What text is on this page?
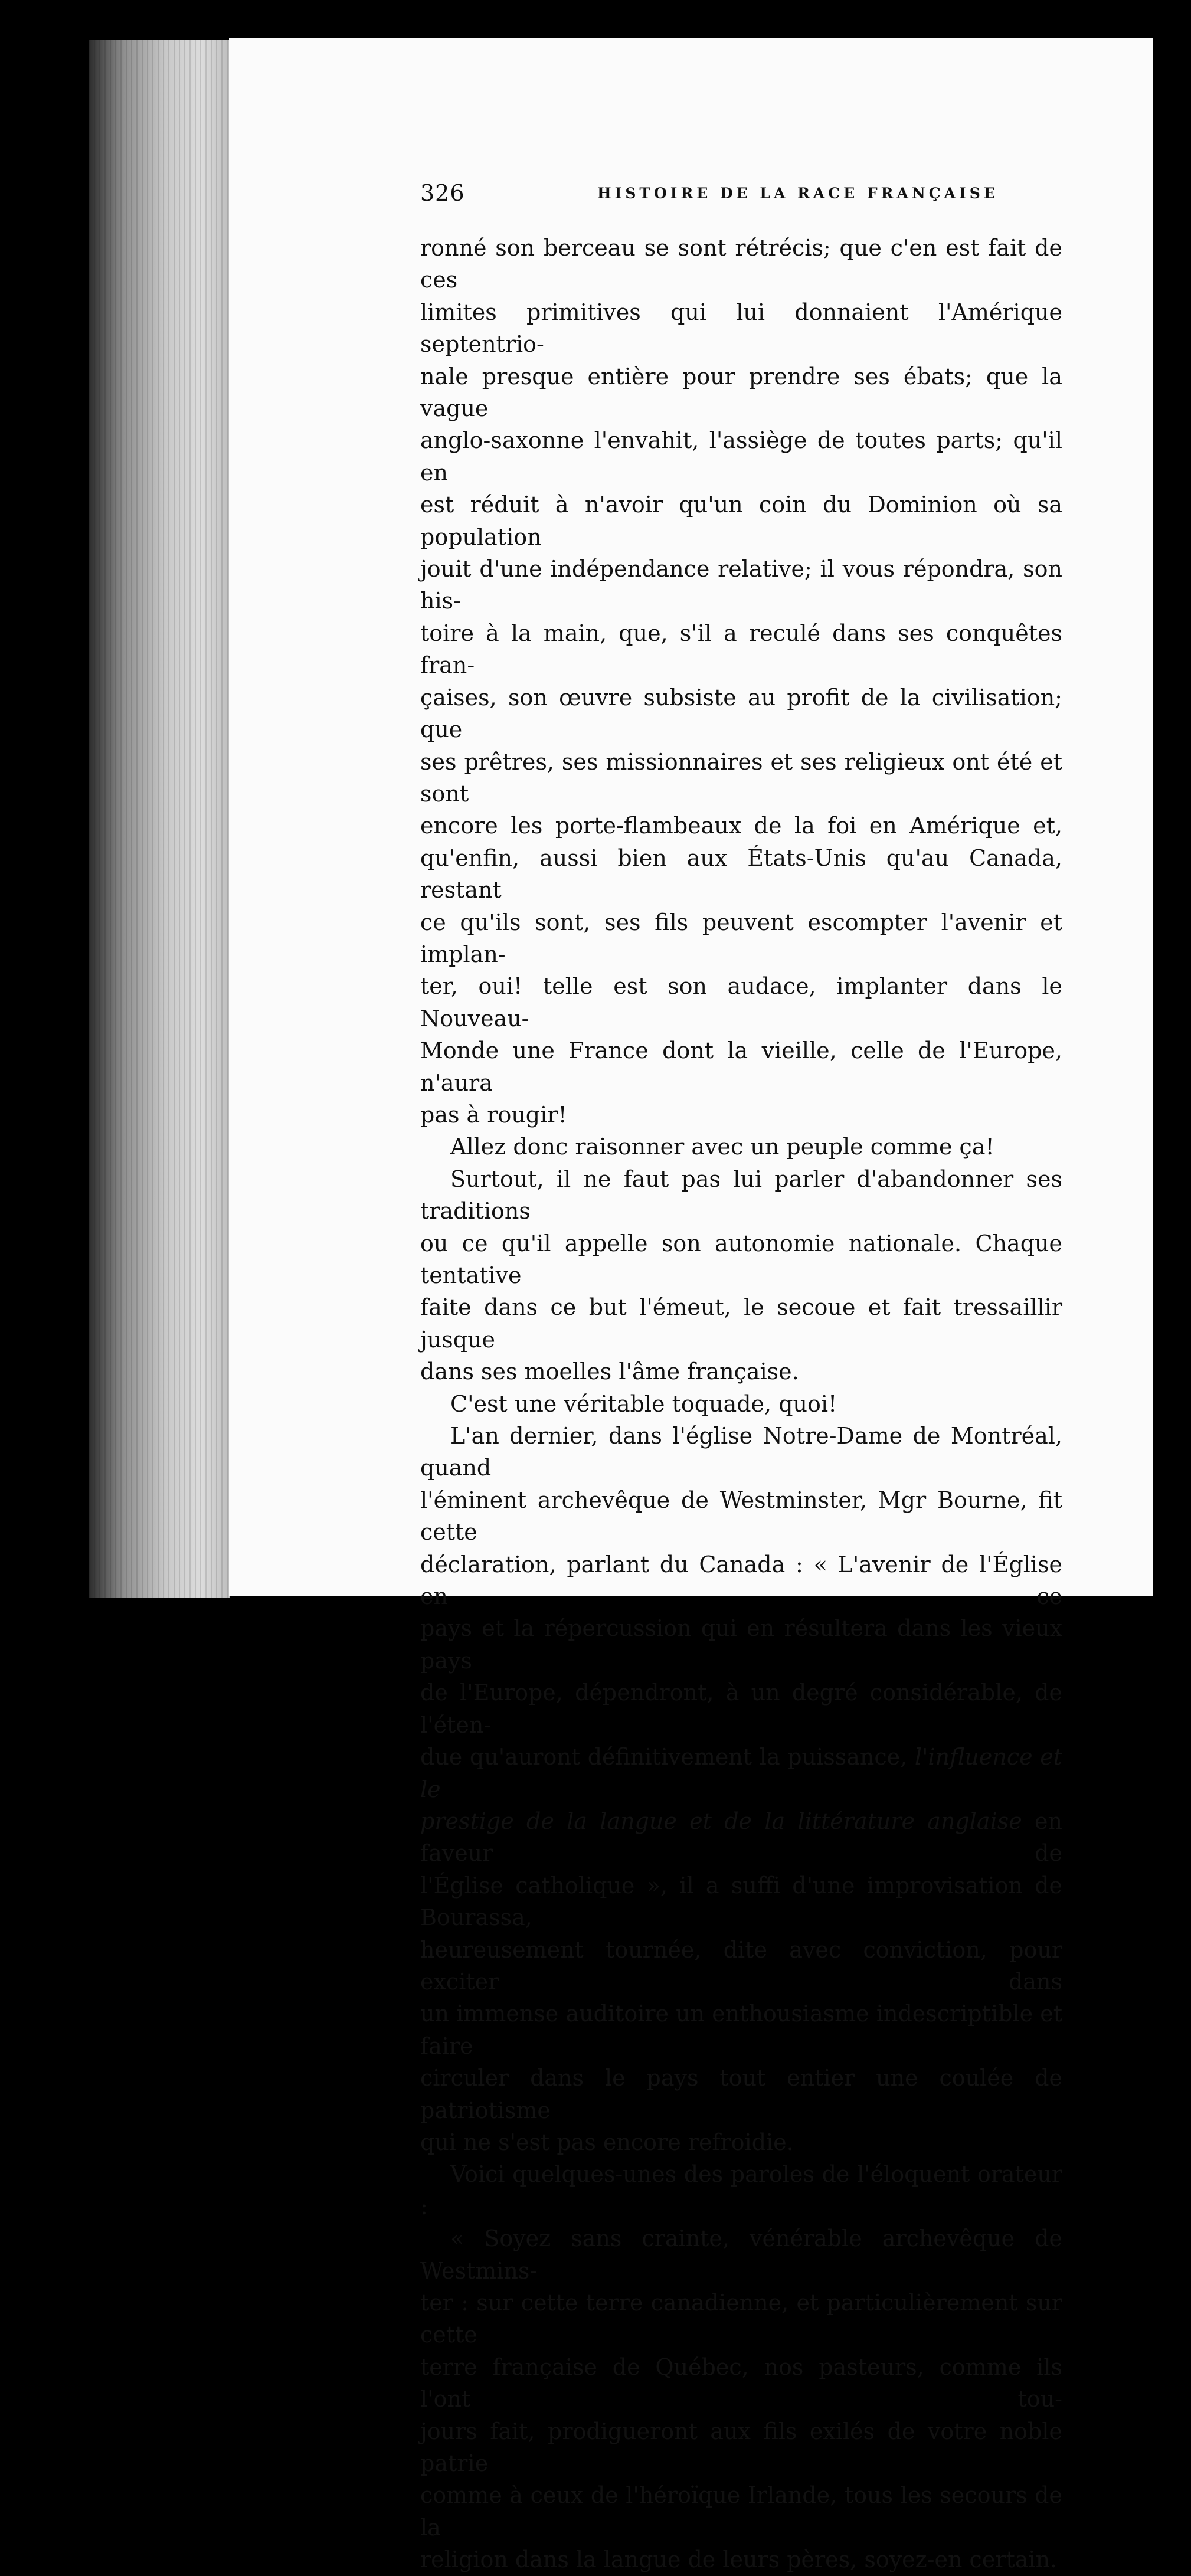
326	HISTOIRE DE LA RACE FRANÇAISE

ronné son berceau se sont rétrécis; que c'en est fait de ces

limites primitives qui lui donnaient l'Amérique septentrio-

nale presque entière pour prendre ses ébats; que la vague

anglo-saxonne l'envahit, l'assiège de toutes parts; qu'il en

est réduit à n'avoir qu'un coin du Dominion où sa population

jouit d'une indépendance relative; il vous répondra, son his-

toire à la main, que, s'il a reculé dans ses conquêtes fran-

çaises, son œuvre subsiste au profit de la civilisation; que

ses prêtres, ses missionnaires et ses religieux ont été et sont

encore les porte-flambeaux de la foi en Amérique et,

qu'enfin, aussi bien aux États-Unis qu'au Canada, restant

ce qu'ils sont, ses fils peuvent escompter l'avenir et implan-

ter, oui! telle est son audace, implanter dans le Nouveau-

Monde une France dont la vieille, celle de l'Europe, n'aura

pas à rougir!

Allez donc raisonner avec un peuple comme ça!

Surtout, il ne faut pas lui parler d'abandonner ses traditions

ou ce qu'il appelle son autonomie nationale. Chaque tentative

faite dans ce but l'émeut, le secoue et fait tressaillir jusque

dans ses moelles l'âme française.

C'est une véritable toquade, quoi!

L'an dernier, dans l'église Notre-Dame de Montréal, quand

l'éminent archevêque de Westminster, Mgr Bourne, fit cette

déclaration, parlant du Canada : « L'avenir de l'Église en ce

pays et la répercussion qui en résultera dans les vieux pays

de l'Europe, dépendront, à un degré considérable, de l'éten-

due qu'auront définitivement la puissance, l'influence et le

prestige de la langue et de la littérature anglaise en faveur de

l'Église catholique », il a suffi d'une improvisation de Bourassa,

heureusement tournée, dite avec conviction, pour exciter dans

un immense auditoire un enthousiasme indescriptible et faire

circuler dans le pays tout entier une coulée de patriotisme

qui ne s'est pas encore refroidie.

Voici quelques-unes des paroles de l'éloquent orateur :

« Soyez sans crainte, vénérable archevêque de Westmins-

ter : sur cette terre canadienne, et particulièrement sur cette

terre française de Québec, nos pasteurs, comme ils l'ont tou-

jours fait, prodigueront aux fils exilés de votre noble patrie

comme à ceux de l'héroïque Irlande, tous les secours de la

religion dans la langue de leurs pères, soyez-en certain.
